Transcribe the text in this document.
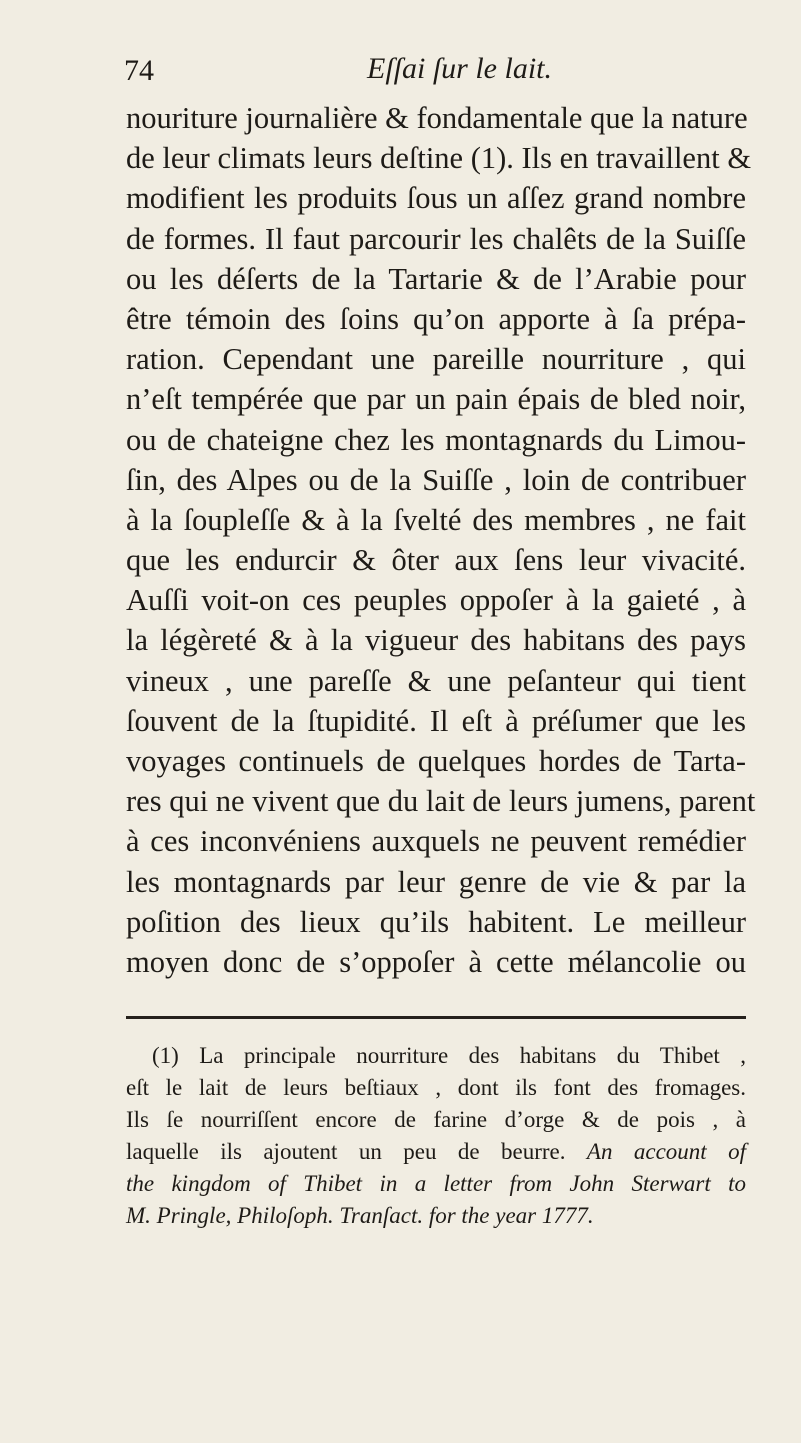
74	Eſſai ſur le lait.
nouriture journalière & fondamentale que la nature
de leur climats leurs deſtine (1). Ils en travaillent &
modifient les produits ſous un aſſez grand nombre
de formes. Il faut parcourir les chalêts de la Suiſſe
ou les déſerts de la Tartarie & de l’Arabie pour
être témoin des ſoins qu’on apporte à ſa prépa-
ration. Cependant une pareille nourriture , qui
n’eſt tempérée que par un pain épais de bled noir,
ou de chateigne chez les montagnards du Limou-
ſin, des Alpes ou de la Suiſſe , loin de contribuer
à la ſoupleſſe & à la ſvelté des membres , ne fait
que les endurcir & ôter aux ſens leur vivacité.
Auſſi voit-on ces peuples oppoſer à la gaieté , à
la légèreté & à la vigueur des habitans des pays
vineux , une pareſſe & une peſanteur qui tient
ſouvent de la ſtupidité. Il eſt à préſumer que les
voyages continuels de quelques hordes de Tarta-
res qui ne vivent que du lait de leurs jumens, parent
à ces inconvéniens auxquels ne peuvent remédier
les montagnards par leur genre de vie & par la
poſition des lieux qu’ils habitent. Le meilleur
moyen donc de s’oppoſer à cette mélancolie ou
(1) La principale nourriture des habitans du Thibet ,
eſt le lait de leurs beſtiaux , dont ils font des fromages.
Ils ſe nourriſſent encore de farine d’orge & de pois , à
laquelle ils ajoutent un peu de beurre. An account of
the kingdom of Thibet in a letter from John Sterwart to
M. Pringle, Philoſoph. Tranſact. for the year 1777.
